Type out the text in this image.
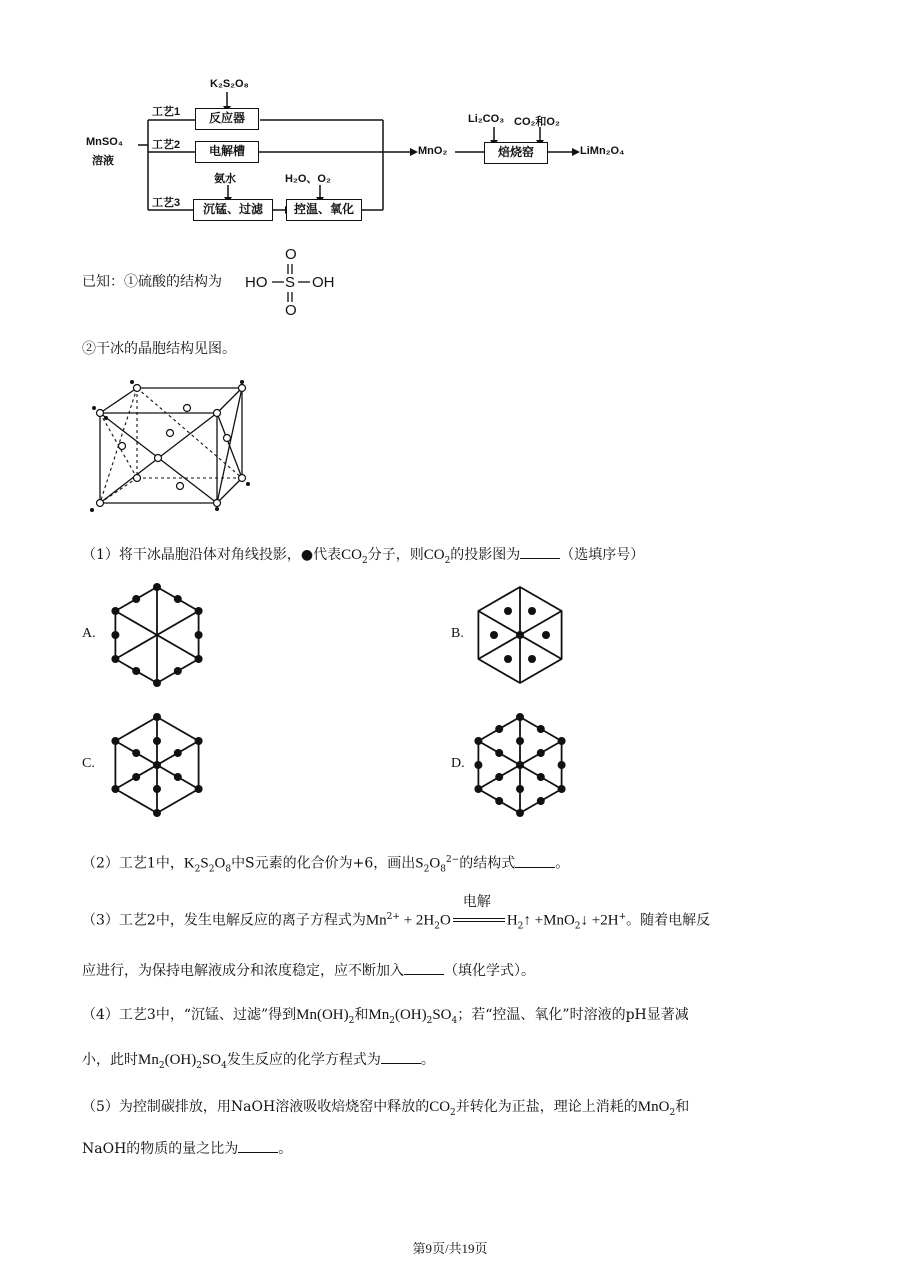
MnSO₄
溶液
K₂S₂O₈
工艺1
工艺2
工艺3
反应器
电解槽
沉锰、过滤
氨水	H₂O、O₂
控温、氧化
MnO₂
Li₂CO₃ CO₂和O₂
焙烧窑	LiMn₂O₄
已知：①硫酸的结构为 HO S OH
O
O
②干冰的晶胞结构见图。
（1）将干冰晶胞沿体对角线投影，●代表$CO_2$分子，则$CO_2$的投影图为	（选填序号）
A.	B.
C.	D.
（2）工艺1中，$K_2S_2O_8$中S元素的化合价为+6，画出$S_2O_8^{2-}$的结构式	。
（3）工艺2中，发生电解反应的离子方程式为$Mn^{2+} + 2H_2O$
电解
$H_2↑$ +MnO$_2$↓ +2H+。随着电解反
应进行，为保持电解液成分和浓度稳定，应不断加入	（填化学式）。
（4）工艺3中，“沉锰、过滤”得到$Mn(OH)_2$和$Mn_2(OH)_2SO_4$；若“控温、氧化”时溶液的pH显著减
小，此时$Mn_2(OH)_2SO_4$发生反应的化学方程式为	。
（5）为控制碳排放，用NaOH溶液吸收焙烧窑中释放的$CO_2$并转化为正盐，理论上消耗的MnO$_2$和
NaOH的物质的量之比为	。
第9页/共19页
